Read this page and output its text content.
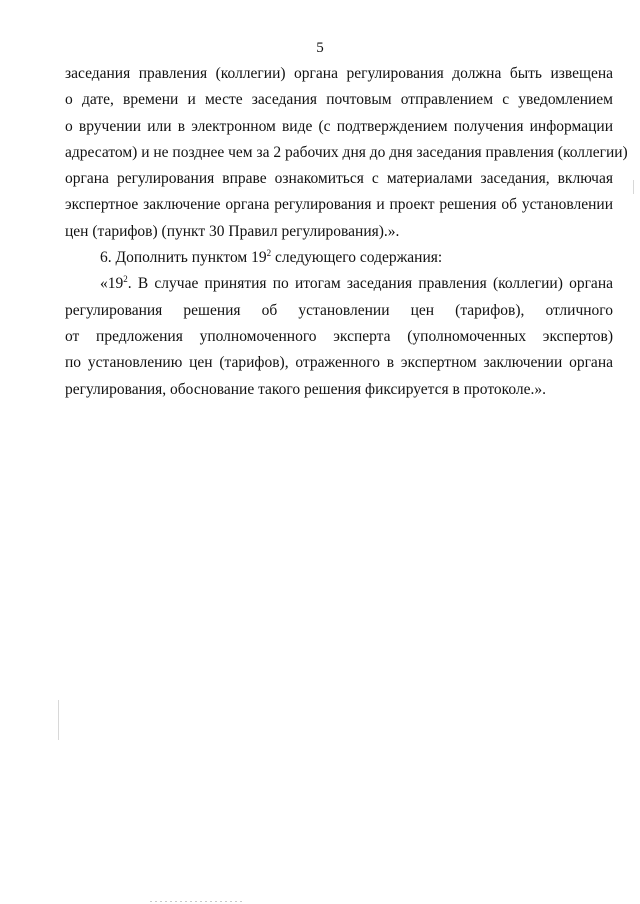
5
заседания правления (коллегии) органа регулирования должна быть извещена
о дате, времени и месте заседания почтовым отправлением с уведомлением
о вручении или в электронном виде (с подтверждением получения информации
адресатом) и не позднее чем за 2 рабочих дня до дня заседания правления (коллегии)
органа регулирования вправе ознакомиться с материалами заседания, включая
экспертное заключение органа регулирования и проект решения об установлении
цен (тарифов) (пункт 30 Правил регулирования).».
6. Дополнить пунктом $19^2$ следующего содержания:
«$19^2$. В случае принятия по итогам заседания правления (коллегии) органа
регулирования решения об установлении цен (тарифов), отличного
от предложения уполномоченного эксперта (уполномоченных экспертов)
по установлению цен (тарифов), отраженного в экспертном заключении органа
регулирования, обоснование такого решения фиксируется в протоколе.».
